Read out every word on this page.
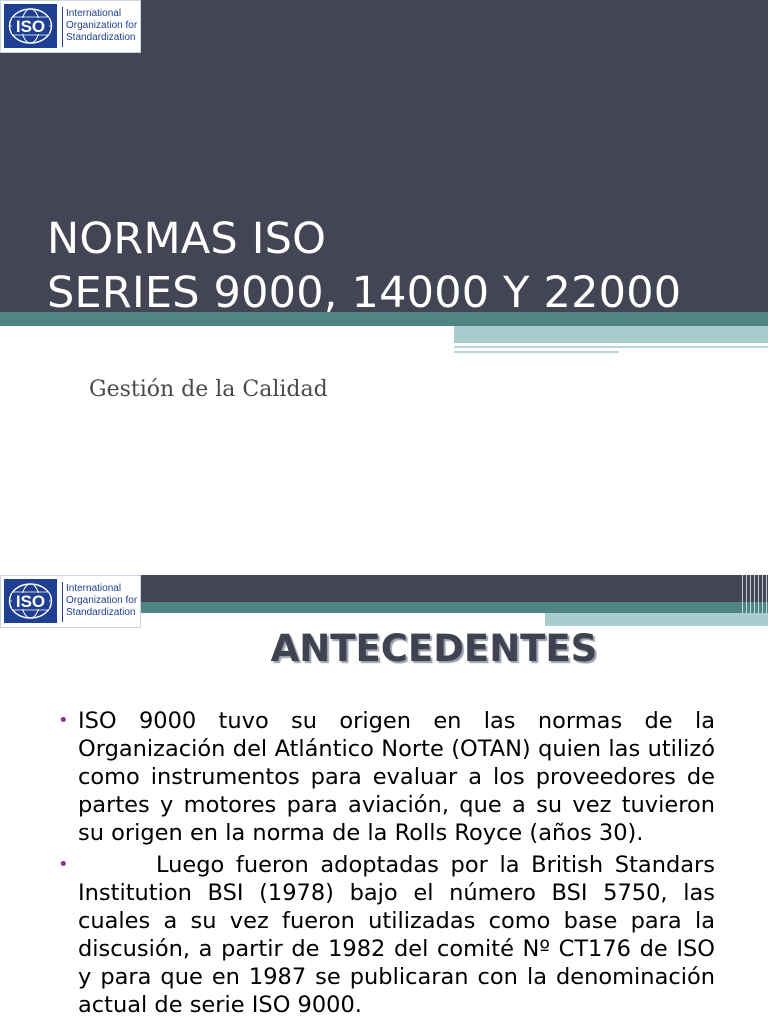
ISO
International
Organization for
Standardization
NORMAS ISO
SERIES 9000, 14000 Y 22000

Gestión de la Calidad

ISO
International
Organization for
Standardization
ANTECEDENTES
• ISO 9000 tuvo su origen en las normas de la Organización del Atlántico Norte (OTAN) quien las utilizó como instrumentos para evaluar a los proveedores de partes y motores para aviación, que a su vez tuvieron su origen en la norma de la Rolls Royce (años 30).
•	Luego fueron adoptadas por la British Standars Institution BSI (1978) bajo el número BSI 5750, las cuales a su vez fueron utilizadas como base para la discusión, a partir de 1982 del comité Nº CT176 de ISO y para que en 1987 se publicaran con la denominación actual de serie ISO 9000.
